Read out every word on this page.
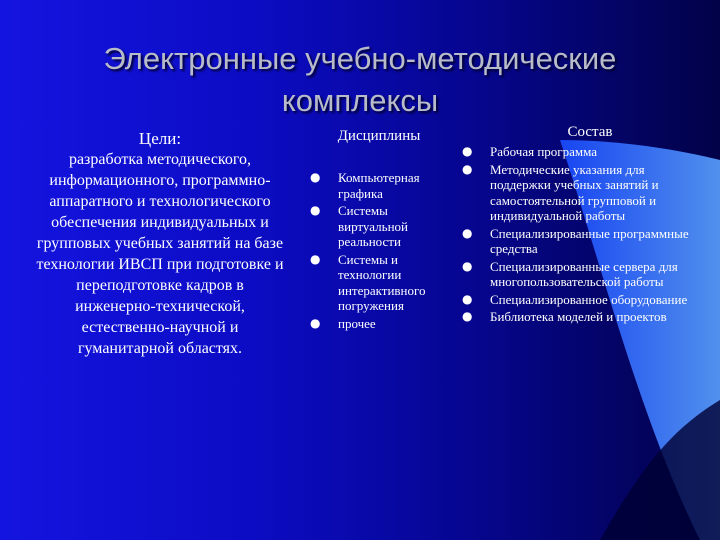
Электронные учебно-методические
комплексы
Цели:
разработка методического, информационного, программно-аппаратного и технологического обеспечения индивидуальных и групповых учебных занятий на базе технологии ИВСП при подготовке и переподготовке кадров в инженерно-технической, естественно-научной и гуманитарной областях.
Дисциплины
● Компьютерная графика
● Системы виртуальной реальности
● Системы и технологии интерактивного погружения
● прочее
Состав
● Рабочая программа
● Методические указания для поддержки учебных занятий и самостоятельной групповой и индивидуальной работы
● Специализированные программные средства
● Специализированные сервера для многопользовательской работы
● Специализированное оборудование
● Библиотека моделей и проектов
